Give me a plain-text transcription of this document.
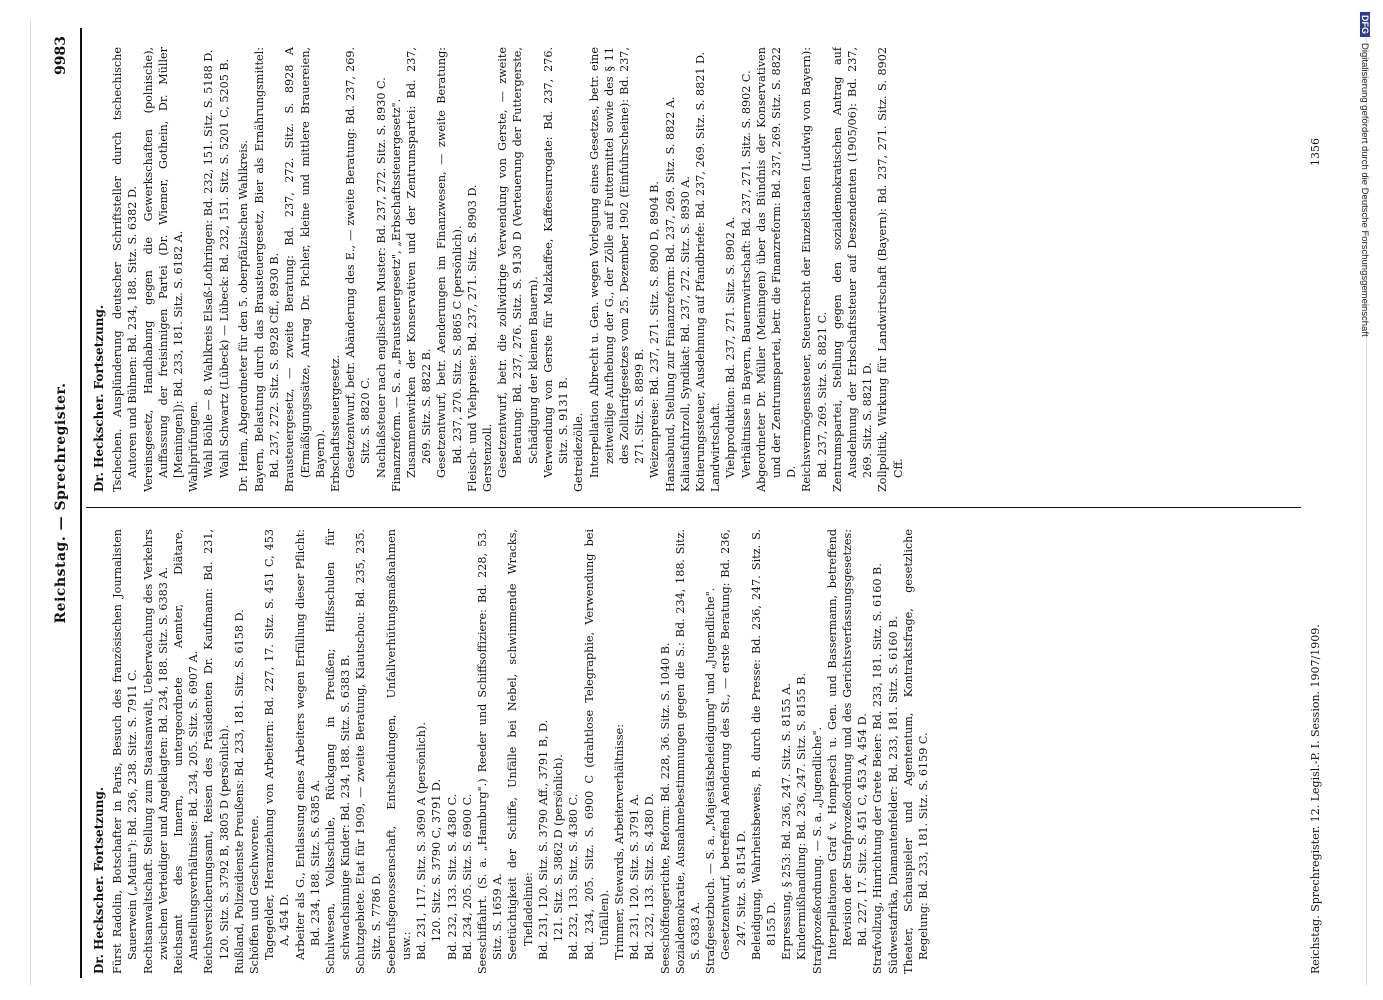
Reichstag. — Sprechregister.
9983
Dr. Heckscher. Fortsetzung. Fürst Radolin, Botschafter in Paris, Besuch des französischen Journalisten Sauerwein („Matin"): Bd. 236, 238. Sitz. S. 7911 C. Rechtsanwaltschaft. Stellung zum Staatsanwalt, Ueberwachung des Verkehrs zwischen Verteidiger und Angeklagten: Bd. 234, 188. Sitz. S. 6383 A. Reichsamt des Innern, untergeordnete Aemter, Diätare, Anstellungsverhältnisse: Bd. 234, 205. Sitz. S. 6907 A. Reichsversicherungsamt, Reisen des Präsidenten Dr. Kaufmann: Bd. 231, 120. Sitz. S. 3792 B, 3805 D (persönlich). Rußland, Polizeidienste Preußens: Bd. 233, 181. Sitz. S. 6158 D. Schöffen und Geschworene. Tagegelder, Heranziehung von Arbeitern: Bd. 227, 17. Sitz. S. 451 C, 453 A, 454 D. Arbeiter als G., Entlassung eines Arbeiters wegen Erfüllung dieser Pflicht: Bd. 234, 188. Sitz. S. 6385 A. Schulwesen, Volksschule, Rückgang in Preußen; Hilfsschulen für schwachsinnige Kinder: Bd. 234, 188. Sitz. S. 6383 B. Schutzgebiete. Etat für 1909, — zweite Beratung, Kiautschou: Bd. 235, 235. Sitz. S. 7786 D. Seeberufsgenossenschaft, Entscheidungen, Unfallverhütungsmaßnahmen usw.: Bd. 231, 117. Sitz. S. 3690 A (persönlich). 120. Sitz. S. 3790 C, 3791 D. Bd. 232, 133. Sitz. S. 4380 C. Bd. 234, 205. Sitz. S. 6900 C. Seeschiffahrt. (S. a. „Hamburg".) Reeder und Schiffsoffiziere: Bd. 228, 53. Sitz. S. 1659 A. Seetüchtigkeit der Schiffe, Unfälle bei Nebel, schwimmende Wracks, Tiefladelinie: Bd. 231, 120. Sitz. S. 3790 Aff., 3791 B, D. 121. Sitz. S. 3862 D (persönlich). Bd. 232, 133. Sitz. S. 4380 C. Bd. 234, 205. Sitz. S. 6900 C (drahtlose Telegraphie, Verwendung bei Unfällen). Trimmer, Stewards, Arbeiterverhältnisse: Bd. 231, 120. Sitz. S. 3791 A. Bd. 232, 133. Sitz. S. 4380 D. Seeschöffengerichte, Reform: Bd. 228, 36. Sitz. S. 1040 B. Sozialdemokratie, Ausnahmebestimmungen gegen die S.: Bd. 234, 188. Sitz. S. 6383 A. Strafgesetzbuch. — S. a. „Majestätsbeleidigung" und „Jugendliche". Gesetzentwurf, betreffend Aenderung des St., — erste Beratung: Bd. 236, 247. Sitz. S. 8154 D. Beleidigung, Wahrheitsbeweis, B. durch die Presse: Bd. 236, 247. Sitz. S. 8155 D. Erpressung, § 253: Bd. 236, 247. Sitz. S. 8155 A. Kindermißhandlung: Bd. 236, 247. Sitz. S. 8155 B. Strafprozeßordnung. — S. a. „Jugendliche". Interpellationen Graf v. Hompesch u. Gen. und Bassermann, betreffend Revision der Strafprozeßordnung und des Gerichtsverfassungsgesetzes: Bd. 227, 17. Sitz. S. 451 C, 453 A, 454 D. Strafvollzug, Hinrichtung der Grete Beier: Bd. 233, 181. Sitz. S. 6160 B. Südwestafrika, Diamantenfelder: Bd. 233, 181. Sitz. S. 6160 B. Theater, Schauspieler und Agententum, Kontraktsfrage, gesetzliche Regelung: Bd. 233, 181. Sitz. S. 6159 C.

Dr. Heckscher. Fortsetzung. Tschechen. Ausplünderung deutscher Schriftsteller durch tschechische Autoren und Bühnen: Bd. 234, 188. Sitz. S. 6382 D. Vereinsgesetz, Handhabung gegen die Gewerkschaften (polnische), Auffassung der freisinnigen Partei (Dr. Wiemer, Gothein, Dr. Müller [Meiningen]): Bd. 233, 181. Sitz. S. 6182 A. Wahlprüfungen. Wahl Böhle — 8. Wahlkreis Elsaß-Lothringen: Bd. 232, 151. Sitz. S. 5188 D. Wahl Schwartz (Lübeck) — Lübeck: Bd. 232, 151. Sitz. S. 5201 C, 5205 B. Dr. Heim, Abgeordneter für den 5. oberpfälzischen Wahlkreis. Bayern, Belastung durch das Brausteuergesetz, Bier als Ernährungsmittel: Bd. 237, 272. Sitz. S. 8928 Cff., 8930 B. Brausteuergesetz, — zweite Beratung: Bd. 237, 272. Sitz. S. 8928 A (Ermäßigungssätze, Antrag Dr. Pichler, kleine und mittlere Brauereien, Bayern). Erbschaftssteuergesetz. Gesetzentwurf, betr. Abänderung des E., — zweite Beratung: Bd. 237, 269. Sitz. S. 8820 C. Nachlaßsteuer nach englischem Muster: Bd. 237, 272. Sitz. S. 8930 C. Finanzreform. — S. a. „Brausteuergesetz", „Erbschaftssteuergesetz". Zusammenwirken der Konservativen und der Zentrumspartei: Bd. 237, 269. Sitz. S. 8822 B. Gesetzentwurf, betr. Aenderungen im Finanzwesen, — zweite Beratung: Bd. 237, 270. Sitz. S. 8865 C (persönlich). Fleisch- und Viehpreise: Bd. 237, 271. Sitz. S. 8903 D. Gerstenzoll. Gesetzentwurf, betr. die zollwidrige Verwendung von Gerste, — zweite Beratung: Bd. 237, 276. Sitz. S. 9130 D (Verteuerung der Futtergerste, Schädigung der kleinen Bauern). Verwendung von Gerste für Malzkaffee, Kaffeesurrogate: Bd. 237, 276. Sitz. S. 9131 B. Getreidezölle. Interpellation Albrecht u. Gen. wegen Vorlegung eines Gesetzes, betr. eine zeitweilige Aufhebung der G., der Zölle auf Futtermittel sowie des § 11 des Zolltarifgesetzes vom 25. Dezember 1902 (Einfuhrscheine): Bd. 237, 271. Sitz. S. 8899 B. Weizenpreise: Bd. 237, 271. Sitz. S. 8900 D, 8904 B. Hansabund, Stellung zur Finanzreform: Bd. 237, 269. Sitz. S. 8822 A. Kaliausfuhrzoll, Syndikat: Bd. 237, 272. Sitz. S. 8930 A. Kotierungssteuer, Ausdehnung auf Pfandbriefe: Bd. 237, 269. Sitz. S. 8821 D. Landwirtschaft. Viehproduktion: Bd. 237, 271. Sitz. S. 8902 A. Verhältnisse in Bayern, Bauernwirtschaft: Bd. 237, 271. Sitz. S. 8902 C. Abgeordneter Dr. Müller (Meiningen) über das Bündnis der Konservativen und der Zentrumspartei, betr. die Finanzreform: Bd. 237, 269. Sitz. S. 8822 D. Reichsvermögenssteuer, Steuerrecht der Einzelstaaten (Ludwig von Bayern): Bd. 237, 269. Sitz. S. 8821 C. Zentrumspartei, Stellung gegen den sozialdemokratischen Antrag auf Ausdehnung der Erbschaftssteuer auf Deszendenten (1905/06): Bd. 237, 269. Sitz. S. 8821 D. Zollpolitik, Wirkung für Landwirtschaft (Bayern): Bd. 237, 271. Sitz. S. 8902 Cff.

Reichstag. Sprechregister. 12. Legisl.-P. I. Session. 1907/1909.
1356
DFGDigitalisierung gefördert durch die Deutsche Forschungsgemeinschaft
